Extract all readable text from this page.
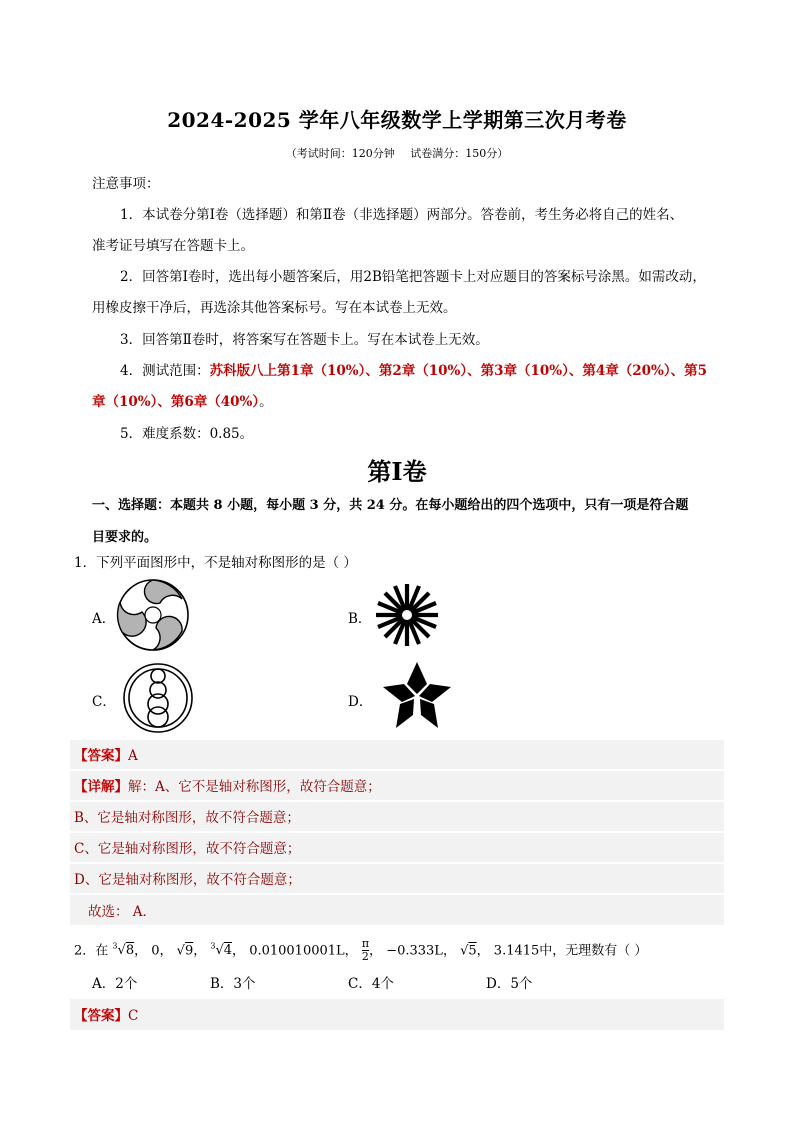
2024-2025 学年八年级数学上学期第三次月考卷
（考试时间：120分钟 试卷满分：150分）
注意事项：
1．本试卷分第Ⅰ卷（选择题）和第Ⅱ卷（非选择题）两部分。答卷前，考生务必将自己的姓名、
准考证号填写在答题卡上。
2．回答第Ⅰ卷时，选出每小题答案后，用2B铅笔把答题卡上对应题目的答案标号涂黑。如需改动，
用橡皮擦干净后，再选涂其他答案标号。写在本试卷上无效。
3．回答第Ⅱ卷时，将答案写在答题卡上。写在本试卷上无效。
4．测试范围：苏科版八上第1章（10%）、第2章（10%）、第3章（10%）、第4章（20%）、第5
章（10%）、第6章（40%）。
5．难度系数：0.85。
第Ⅰ卷
一、选择题：本题共 8 小题，每小题 3 分，共 24 分。在每小题给出的四个选项中，只有一项是符合题
目要求的。
1．下列平面图形中，不是轴对称图形的是（ ）
A．	B．
C．	D．
【答案】A
【详解】解：A、它不是轴对称图形，故符合题意；
B、它是轴对称图形，故不符合题意；
C、它是轴对称图形，故不符合题意；
D、它是轴对称图形，故不符合题意；
故选： A．
2．在 $^3$√8， 0， √9， $^3$√4， 0.010010001L， $\frac{\pi}{2}$ ， −0.333L， √5， 3.1415中，无理数有（ ）
A．2个	B．3个	C．4个	D．5个
【答案】C
